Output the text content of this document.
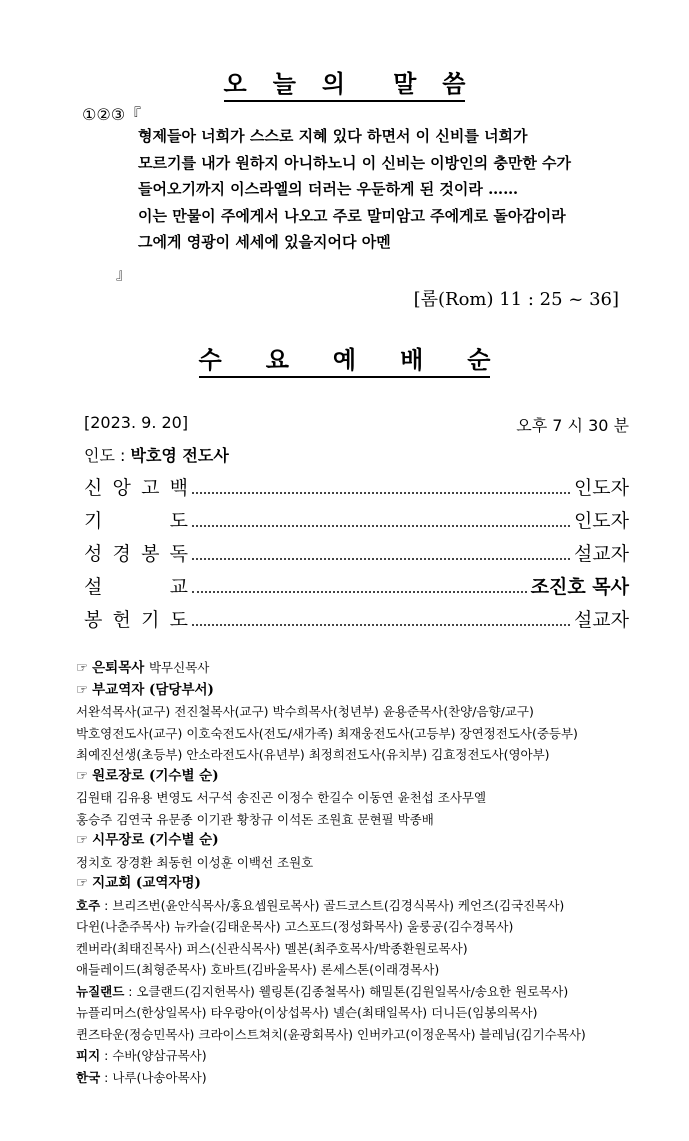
오늘의 말씀
①②③『
형제들아 너희가 스스로 지혜 있다 하면서 이 신비를 너희가
모르기를 내가 원하지 아니하노니 이 신비는 이방인의 충만한 수가
들어오기까지 이스라엘의 더러는 우둔하게 된 것이라 ……
이는 만물이 주에게서 나오고 주로 말미암고 주에게로 돌아감이라
그에게 영광이 세세에 있을지어다 아멘
』
[롬(Rom) 11 : 25 ~ 36]
수요예배순
[2023. 9. 20]	오후 7 시 30 분
인도 : 박호영 전도사
신 앙 고 백	인도자
기	도	인도자
성 경 봉 독	설교자
설	교	조진호 목사
봉 헌 기 도	설교자
☞ 은퇴목사 박무신목사
☞ 부교역자 (담당부서)
서완석목사(교구) 전진철목사(교구) 박수희목사(청년부) 윤용준목사(찬양/음향/교구)
박호영전도사(교구) 이호숙전도사(전도/새가족) 최재웅전도사(고등부) 장연정전도사(중등부)
최예진선생(초등부) 안소라전도사(유년부) 최정희전도사(유치부) 김효정전도사(영아부)
☞ 원로장로 (기수별 순)
김원태 김유용 변영도 서구석 송진곤 이정수 한길수 이동연 윤천섭 조사무엘
홍승주 김연국 유문종 이기관 황창규 이석돈 조원효 문현필 박종배
☞ 시무장로 (기수별 순)
정치호 장경환 최동헌 이성훈 이백선 조원호
☞ 지교회 (교역자명)
호주 : 브리즈번(윤안식목사/홍요셉원로목사) 골드코스트(김경식목사) 케언즈(김국진목사)
다윈(나춘주목사) 뉴카슬(김태운목사) 고스포드(정성화목사) 울룽공(김수경목사)
켄버라(최태진목사) 퍼스(신관식목사) 멜본(최주호목사/박종환원로목사)
애들레이드(최형준목사) 호바트(김바울목사) 론세스톤(이래경목사)
뉴질랜드 : 오클랜드(김지헌목사) 웰링톤(김종철목사) 해밀톤(김원일목사/송요한 원로목사)
뉴플리머스(한상일목사) 타우랑아(이상섭목사) 넬슨(최태일목사) 더니든(임봉의목사)
퀸즈타운(정승민목사) 크라이스트쳐치(윤광회목사) 인버카고(이정운목사) 블레님(김기수목사)
피지 : 수바(양삼규목사)
한국 : 나루(나송아목사)
